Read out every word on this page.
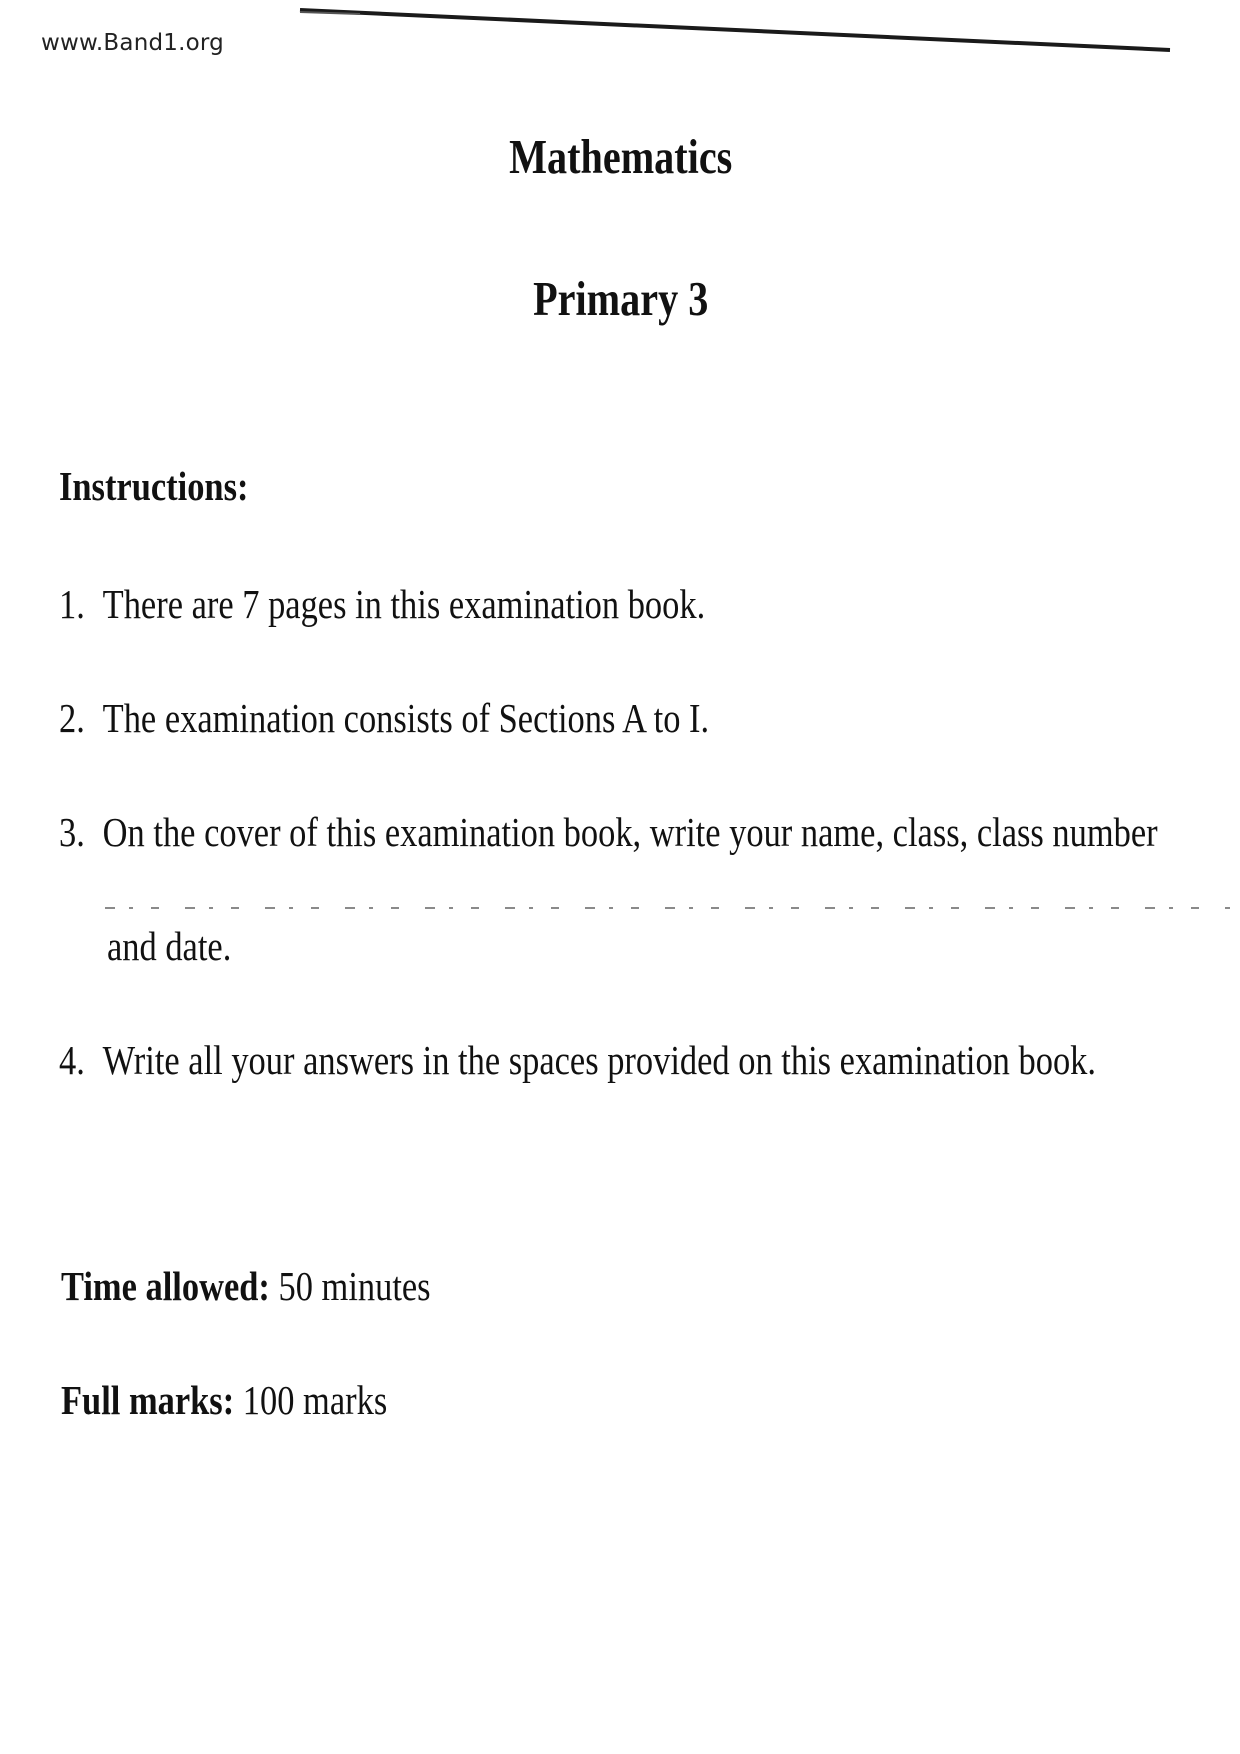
www.Band1.org
Mathematics
Primary 3
Instructions:
1. There are 7 pages in this examination book.
2. The examination consists of Sections A to I.
3. On the cover of this examination book, write your name, class, class number
and date.
4. Write all your answers in the spaces provided on this examination book.
Time allowed: 50 minutes
Full marks: 100 marks
